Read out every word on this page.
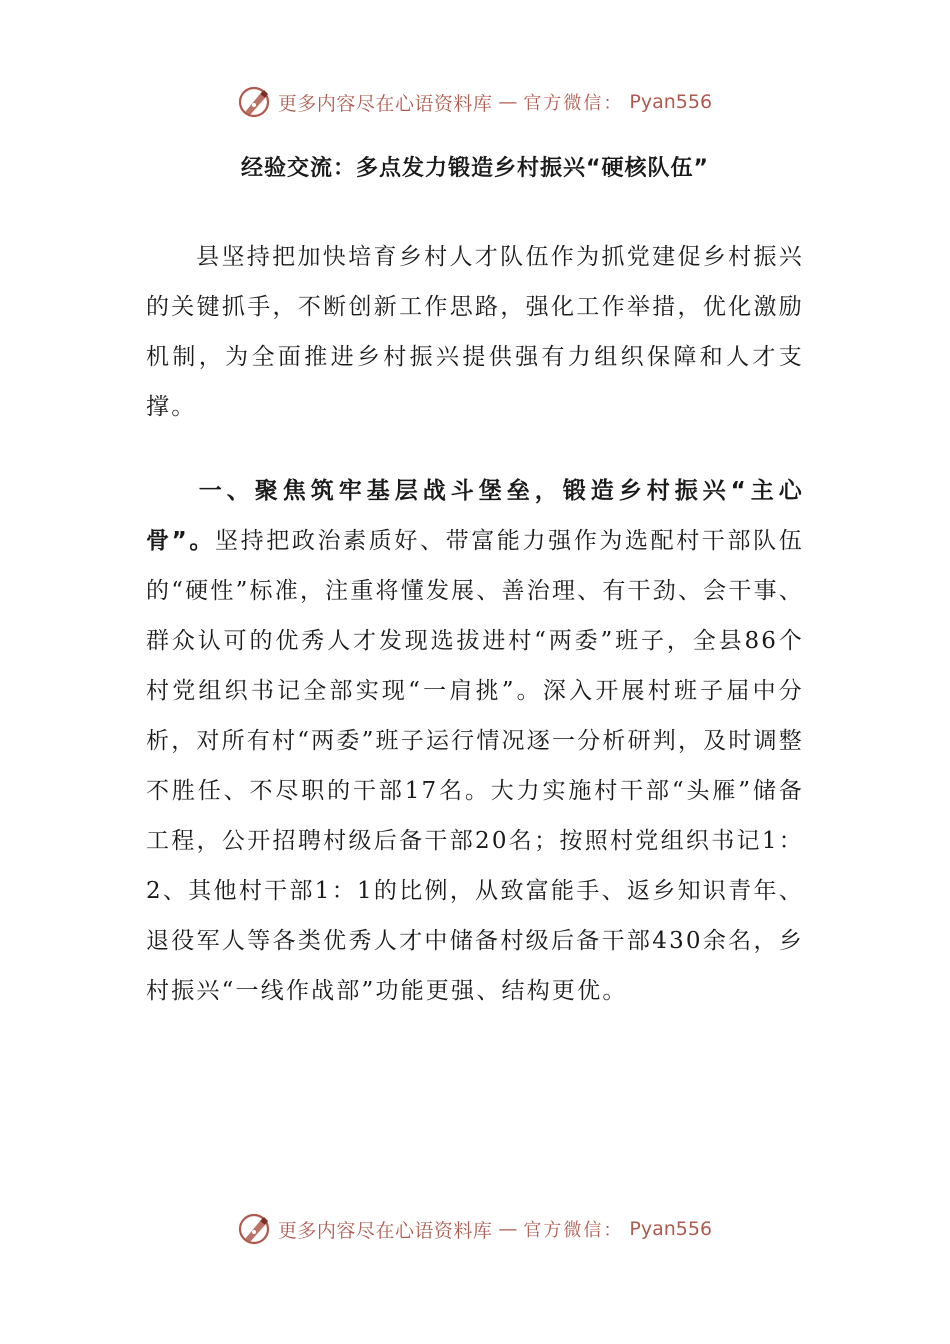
更多内容尽在心语资料库 — 官方微信： Pyan556
经验交流：多点发力锻造乡村振兴“硬核队伍”

县坚持把加快培育乡村人才队伍作为抓党建促乡村振兴的关键抓手，不断创新工作思路，强化工作举措，优化激励机制，为全面推进乡村振兴提供强有力组织保障和人才支撑。

一、聚焦筑牢基层战斗堡垒，锻造乡村振兴“主心骨”。坚持把政治素质好、带富能力强作为选配村干部队伍的“硬性”标准，注重将懂发展、善治理、有干劲、会干事、群众认可的优秀人才发现选拔进村“两委”班子，全县86个村党组织书记全部实现“一肩挑”。深入开展村班子届中分析，对所有村“两委”班子运行情况逐一分析研判，及时调整不胜任、不尽职的干部17名。大力实施村干部“头雁”储备工程，公开招聘村级后备干部20名；按照村党组织书记1：2、其他村干部1：1的比例，从致富能手、返乡知识青年、退役军人等各类优秀人才中储备村级后备干部430余名，乡村振兴“一线作战部”功能更强、结构更优。

更多内容尽在心语资料库 — 官方微信： Pyan556
